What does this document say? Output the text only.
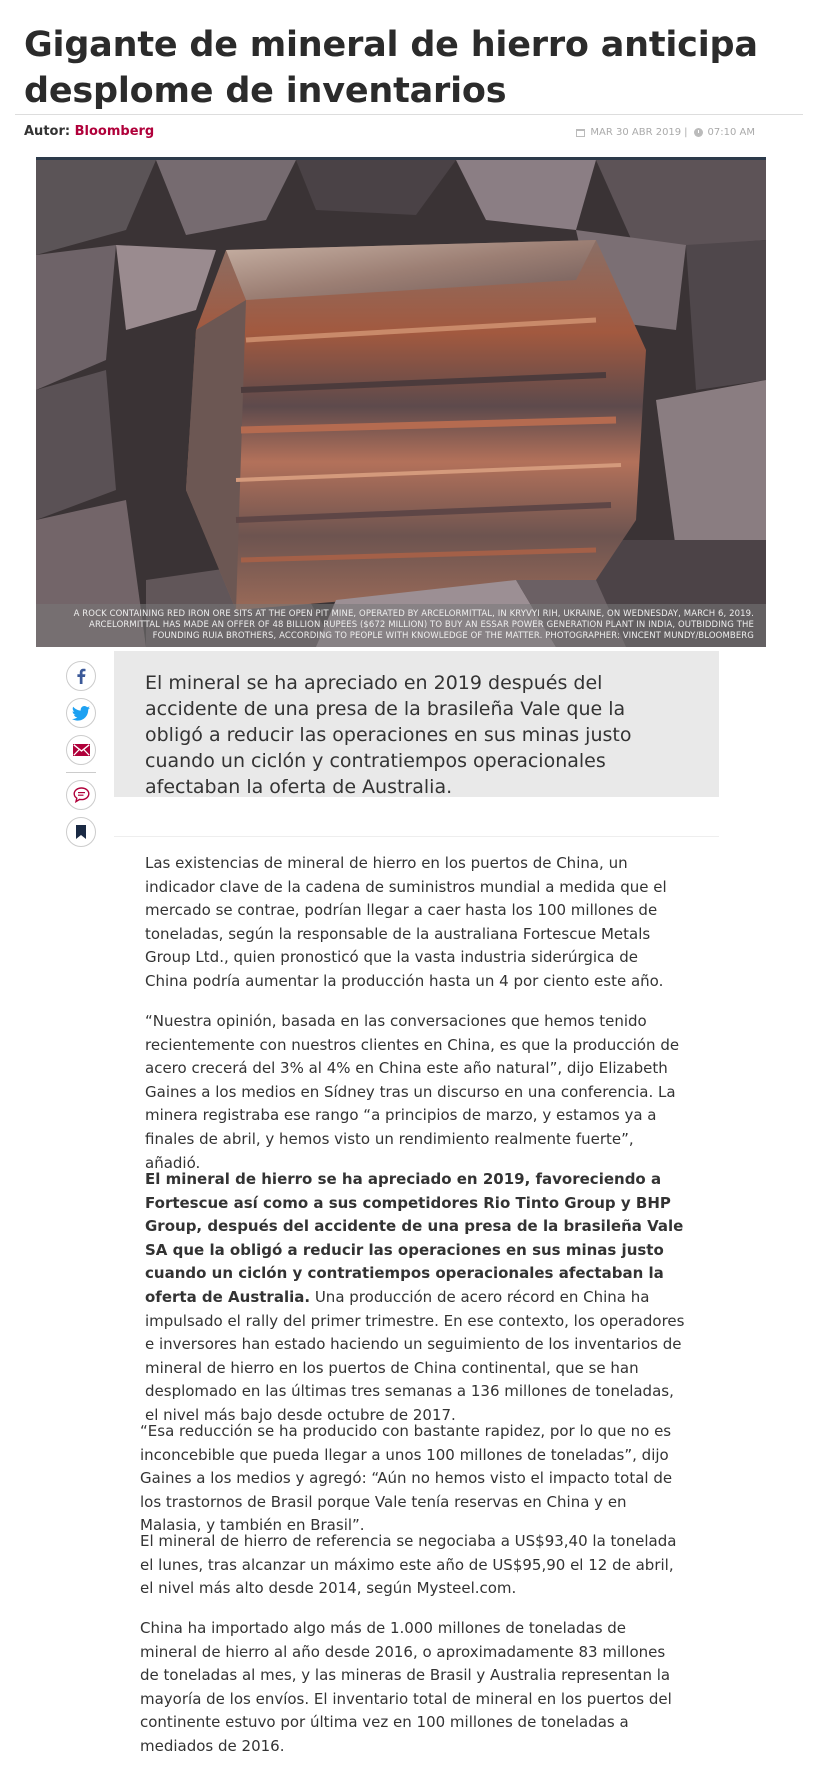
Gigante de mineral de hierro anticipa desplome de inventarios
Autor: Bloomberg	MAR 30 ABR 2019 | 07:10 AM
A ROCK CONTAINING RED IRON ORE SITS AT THE OPEN PIT MINE, OPERATED BY ARCELORMITTAL, IN KRYVYI RIH, UKRAINE, ON WEDNESDAY, MARCH 6, 2019. ARCELORMITTAL HAS MADE AN OFFER OF 48 BILLION RUPEES ($672 MILLION) TO BUY AN ESSAR POWER GENERATION PLANT IN INDIA, OUTBIDDING THE FOUNDING RUIA BROTHERS, ACCORDING TO PEOPLE WITH KNOWLEDGE OF THE MATTER. PHOTOGRAPHER: VINCENT MUNDY/BLOOMBERG
El mineral se ha apreciado en 2019 después del accidente de una presa de la brasileña Vale que la obligó a reducir las operaciones en sus minas justo cuando un ciclón y contratiempos operacionales afectaban la oferta de Australia.

Las existencias de mineral de hierro en los puertos de China, un indicador clave de la cadena de suministros mundial a medida que el mercado se contrae, podrían llegar a caer hasta los 100 millones de toneladas, según la responsable de la australiana Fortescue Metals Group Ltd., quien pronosticó que la vasta industria siderúrgica de China podría aumentar la producción hasta un 4 por ciento este año.

“Nuestra opinión, basada en las conversaciones que hemos tenido recientemente con nuestros clientes en China, es que la producción de acero crecerá del 3% al 4% en China este año natural”, dijo Elizabeth Gaines a los medios en Sídney tras un discurso en una conferencia. La minera registraba ese rango “a principios de marzo, y estamos ya a finales de abril, y hemos visto un rendimiento realmente fuerte”, añadió.

El mineral de hierro se ha apreciado en 2019, favoreciendo a Fortescue así como a sus competidores Rio Tinto Group y BHP Group, después del accidente de una presa de la brasileña Vale SA que la obligó a reducir las operaciones en sus minas justo cuando un ciclón y contratiempos operacionales afectaban la oferta de Australia. Una producción de acero récord en China ha impulsado el rally del primer trimestre. En ese contexto, los operadores e inversores han estado haciendo un seguimiento de los inventarios de mineral de hierro en los puertos de China continental, que se han desplomado en las últimas tres semanas a 136 millones de toneladas, el nivel más bajo desde octubre de 2017.

“Esa reducción se ha producido con bastante rapidez, por lo que no es inconcebible que pueda llegar a unos 100 millones de toneladas”, dijo Gaines a los medios y agregó: “Aún no hemos visto el impacto total de los trastornos de Brasil porque Vale tenía reservas en China y en Malasia, y también en Brasil”.

El mineral de hierro de referencia se negociaba a US$93,40 la tonelada el lunes, tras alcanzar un máximo este año de US$95,90 el 12 de abril, el nivel más alto desde 2014, según Mysteel.com.

China ha importado algo más de 1.000 millones de toneladas de mineral de hierro al año desde 2016, o aproximadamente 83 millones de toneladas al mes, y las mineras de Brasil y Australia representan la mayoría de los envíos. El inventario total de mineral en los puertos del continente estuvo por última vez en 100 millones de toneladas a mediados de 2016.
